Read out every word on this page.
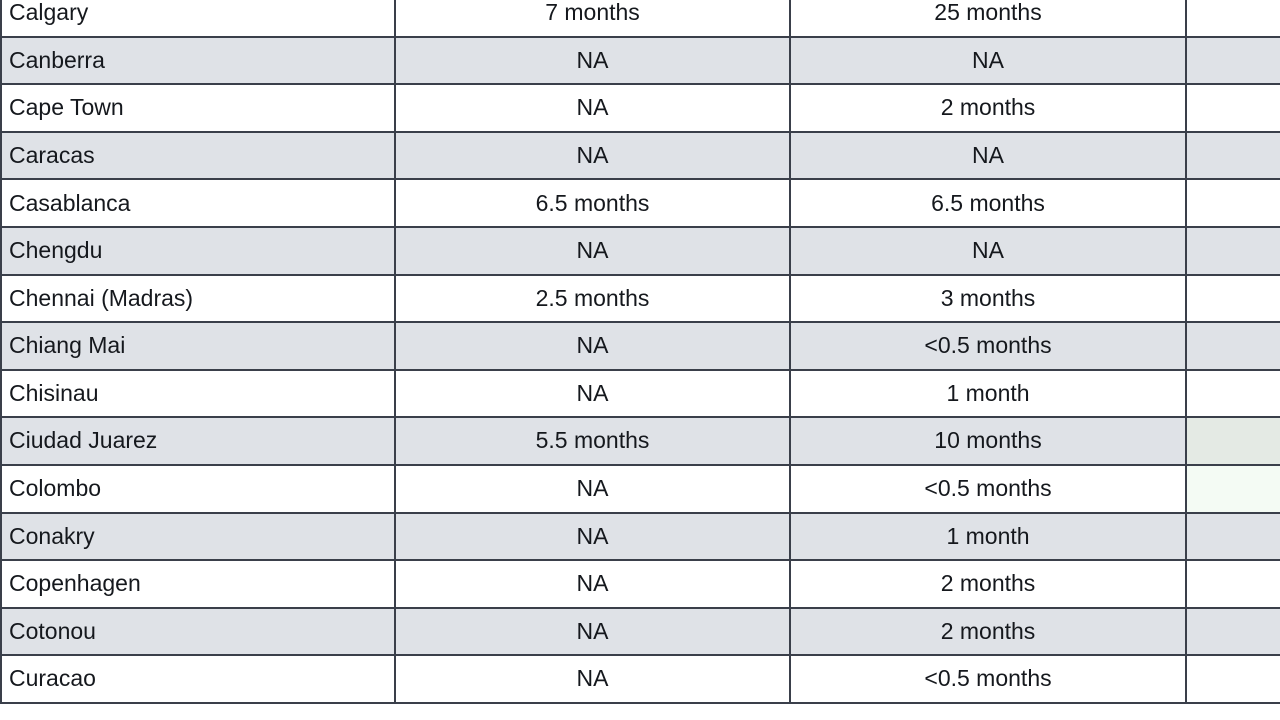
Calgary	7 months	25 months	
Canberra	NA	NA	
Cape Town	NA	2 months	
Caracas	NA	NA	
Casablanca	6.5 months	6.5 months	
Chengdu	NA	NA	
Chennai (Madras)	2.5 months	3 months	
Chiang Mai	NA	<0.5 months	
Chisinau	NA	1 month	
Ciudad Juarez	5.5 months	10 months	
Colombo	NA	<0.5 months	
Conakry	NA	1 month	
Copenhagen	NA	2 months	
Cotonou	NA	2 months	
Curacao	NA	<0.5 months	
